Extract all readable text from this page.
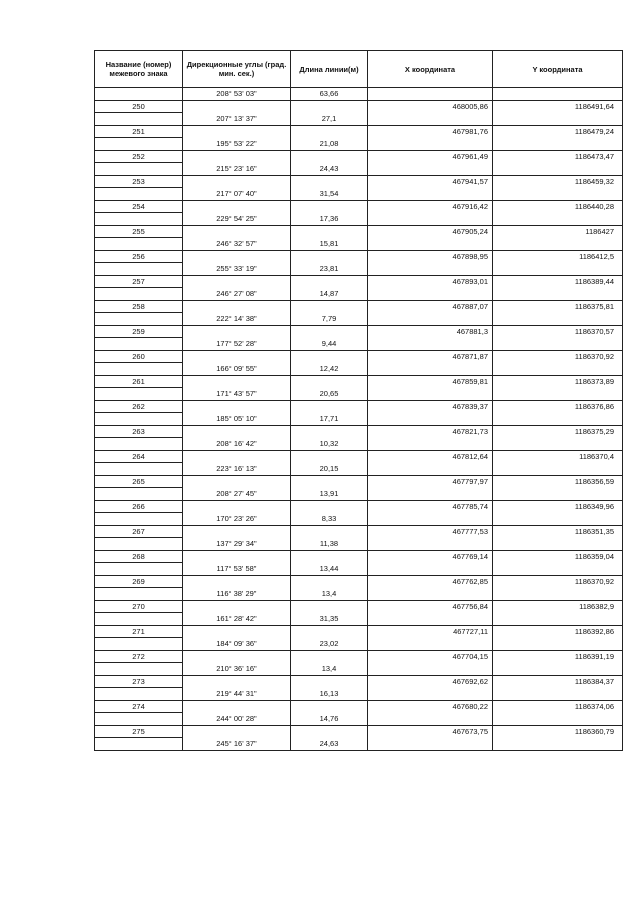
Название (номер) межевого знака	Дирекционные углы (град. мин. сек.)	Длина линии(м)	X координата	Y координата
	208° 53' 03"	63,66		
250			468005,86	1186491,64
	207° 13' 37"	27,1		
251			467981,76	1186479,24
	195° 53' 22"	21,08		
252			467961,49	1186473,47
	215° 23' 16"	24,43		
253			467941,57	1186459,32
	217° 07' 40"	31,54		
254			467916,42	1186440,28
	229° 54' 25"	17,36		
255			467905,24	1186427
	246° 32' 57"	15,81		
256			467898,95	1186412,5
	255° 33' 19"	23,81		
257			467893,01	1186389,44
	246° 27' 08"	14,87		
258			467887,07	1186375,81
	222° 14' 38"	7,79		
259			467881,3	1186370,57
	177° 52' 28"	9,44		
260			467871,87	1186370,92
	166° 09' 55"	12,42		
261			467859,81	1186373,89
	171° 43' 57"	20,65		
262			467839,37	1186376,86
	185° 05' 10"	17,71		
263			467821,73	1186375,29
	208° 16' 42"	10,32		
264			467812,64	1186370,4
	223° 16' 13"	20,15		
265			467797,97	1186356,59
	208° 27' 45"	13,91		
266			467785,74	1186349,96
	170° 23' 26"	8,33		
267			467777,53	1186351,35
	137° 29' 34"	11,38		
268			467769,14	1186359,04
	117° 53' 58"	13,44		
269			467762,85	1186370,92
	116° 38' 29"	13,4		
270			467756,84	1186382,9
	161° 28' 42"	31,35		
271			467727,11	1186392,86
	184° 09' 36"	23,02		
272			467704,15	1186391,19
	210° 36' 16"	13,4		
273			467692,62	1186384,37
	219° 44' 31"	16,13		
274			467680,22	1186374,06
	244° 00' 28"	14,76		
275			467673,75	1186360,79
	245° 16' 37"	24,63		
